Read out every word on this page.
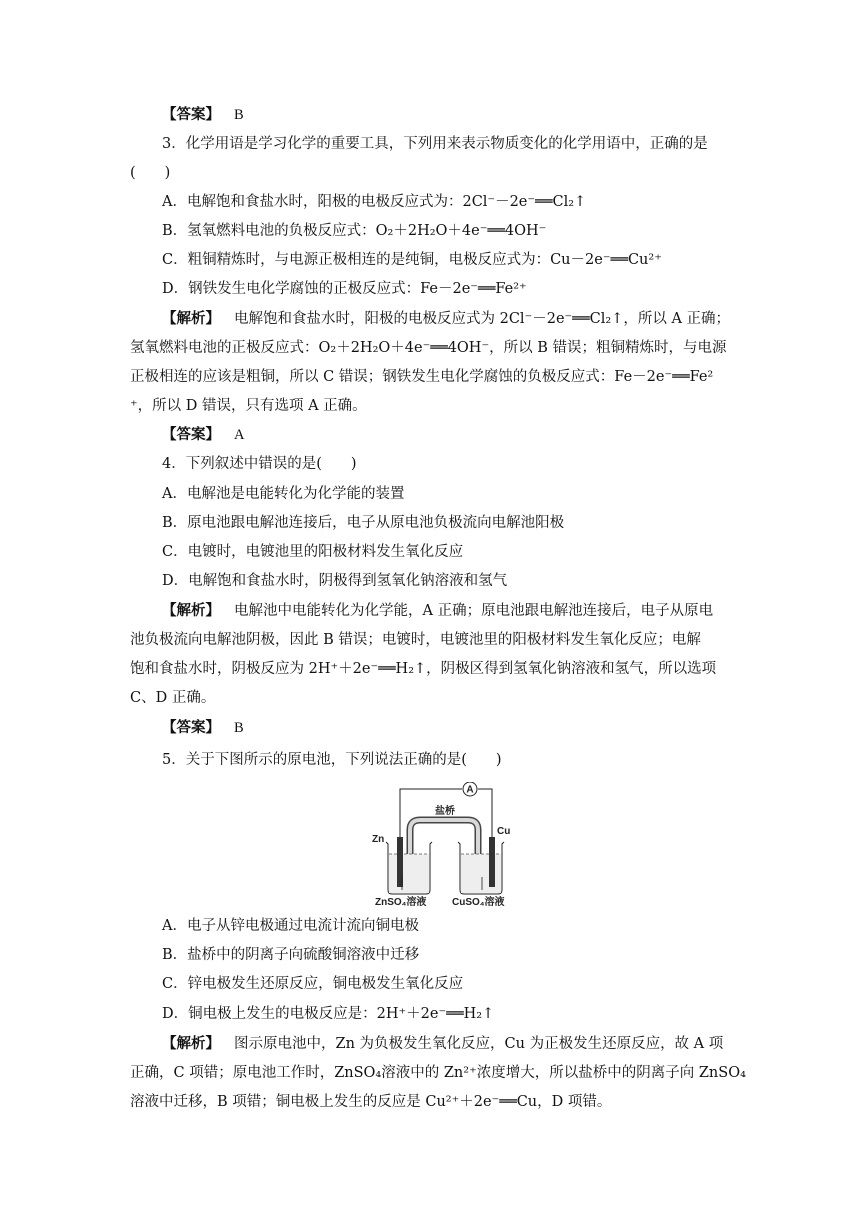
【答案】 B
3．化学用语是学习化学的重要工具，下列用来表示物质变化的化学用语中，正确的是
(　　)
A．电解饱和食盐水时，阳极的电极反应式为：2Cl⁻－2e⁻══Cl₂↑
B．氢氧燃料电池的负极反应式：O₂＋2H₂O＋4e⁻══4OH⁻
C．粗铜精炼时，与电源正极相连的是纯铜，电极反应式为：Cu－2e⁻══Cu²⁺
D．钢铁发生电化学腐蚀的正极反应式：Fe－2e⁻══Fe²⁺
【解析】 电解饱和食盐水时，阳极的电极反应式为 2Cl⁻－2e⁻══Cl₂↑，所以 A 正确；
氢氧燃料电池的正极反应式：O₂＋2H₂O＋4e⁻══4OH⁻，所以 B 错误；粗铜精炼时，与电源
正极相连的应该是粗铜，所以 C 错误；钢铁发生电化学腐蚀的负极反应式：Fe－2e⁻══Fe²
⁺，所以 D 错误，只有选项 A 正确。
【答案】 A
4．下列叙述中错误的是(　　)
A．电解池是电能转化为化学能的装置
B．原电池跟电解池连接后，电子从原电池负极流向电解池阳极
C．电镀时，电镀池里的阳极材料发生氧化反应
D．电解饱和食盐水时，阴极得到氢氧化钠溶液和氢气
【解析】 电解池中电能转化为化学能，A 正确；原电池跟电解池连接后，电子从原电
池负极流向电解池阴极，因此 B 错误；电镀时，电镀池里的阳极材料发生氧化反应；电解
饱和食盐水时，阴极反应为 2H⁺＋2e⁻══H₂↑，阴极区得到氢氧化钠溶液和氢气，所以选项
C、D 正确。
【答案】 B
5．关于下图所示的原电池，下列说法正确的是(　　)
A
盐桥
Zn
Cu
ZnSO₄溶液	CuSO₄溶液
A．电子从锌电极通过电流计流向铜电极
B．盐桥中的阴离子向硫酸铜溶液中迁移
C．锌电极发生还原反应，铜电极发生氧化反应
D．铜电极上发生的电极反应是：2H⁺＋2e⁻══H₂↑
【解析】 图示原电池中，Zn 为负极发生氧化反应，Cu 为正极发生还原反应，故 A 项
正确，C 项错；原电池工作时，ZnSO₄溶液中的 Zn²⁺浓度增大，所以盐桥中的阴离子向 ZnSO₄
溶液中迁移，B 项错；铜电极上发生的反应是 Cu²⁺＋2e⁻══Cu，D 项错。
